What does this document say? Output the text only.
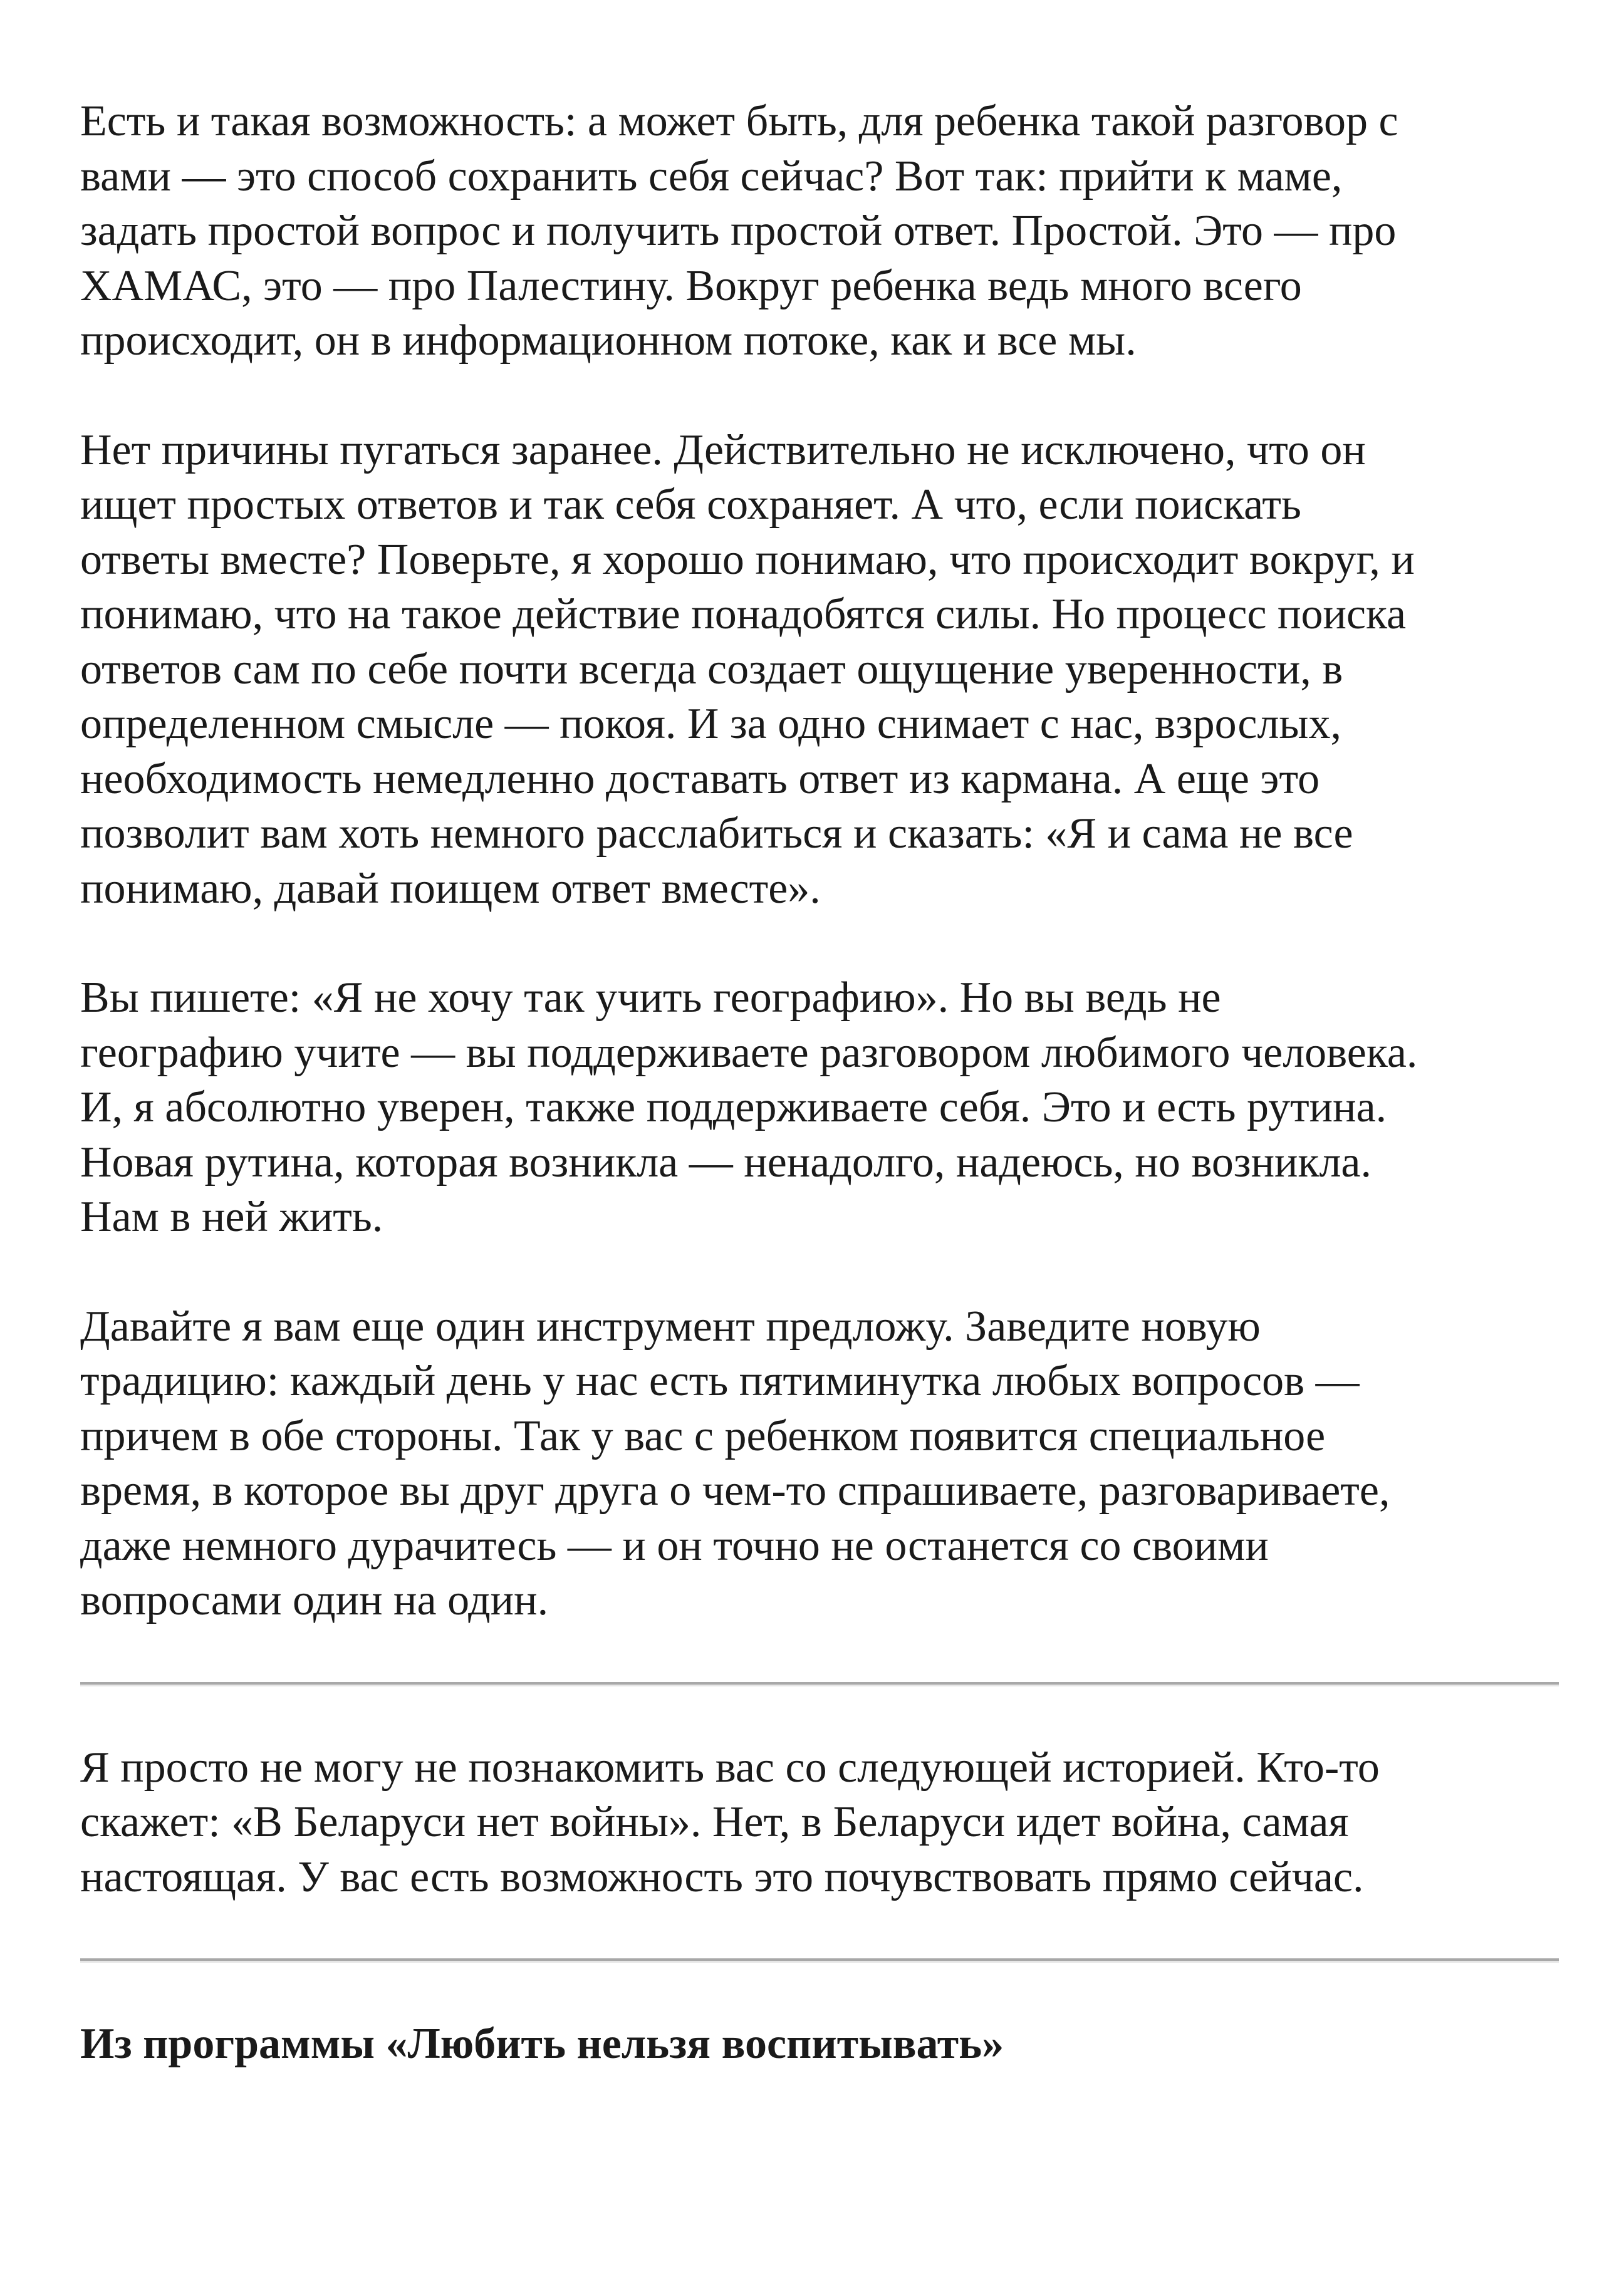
Есть и такая возможность: а может быть, для ребенка такой разговор с
вами — это способ сохранить себя сейчас? Вот так: прийти к маме,
задать простой вопрос и получить простой ответ. Простой. Это — про
ХАМАС, это — про Палестину. Вокруг ребенка ведь много всего
происходит, он в информационном потоке, как и все мы.

Нет причины пугаться заранее. Действительно не исключено, что он
ищет простых ответов и так себя сохраняет. А что, если поискать
ответы вместе? Поверьте, я хорошо понимаю, что происходит вокруг, и
понимаю, что на такое действие понадобятся силы. Но процесс поиска
ответов сам по себе почти всегда создает ощущение уверенности, в
определенном смысле — покоя. И за одно снимает с нас, взрослых,
необходимость немедленно доставать ответ из кармана. А еще это
позволит вам хоть немного расслабиться и сказать: «Я и сама не все
понимаю, давай поищем ответ вместе».

Вы пишете: «Я не хочу так учить географию». Но вы ведь не
географию учите — вы поддерживаете разговором любимого человека.
И, я абсолютно уверен, также поддерживаете себя. Это и есть рутина.
Новая рутина, которая возникла — ненадолго, надеюсь, но возникла.
Нам в ней жить.

Давайте я вам еще один инструмент предложу. Заведите новую
традицию: каждый день у нас есть пятиминутка любых вопросов —
причем в обе стороны. Так у вас с ребенком появится специальное
время, в которое вы друг друга о чем-то спрашиваете, разговариваете,
даже немного дурачитесь — и он точно не останется со своими
вопросами один на один.

Я просто не могу не познакомить вас со следующей историей. Кто-то
скажет: «В Беларуси нет войны». Нет, в Беларуси идет война, самая
настоящая. У вас есть возможность это почувствовать прямо сейчас.

Из программы «Любить нельзя воспитывать»
